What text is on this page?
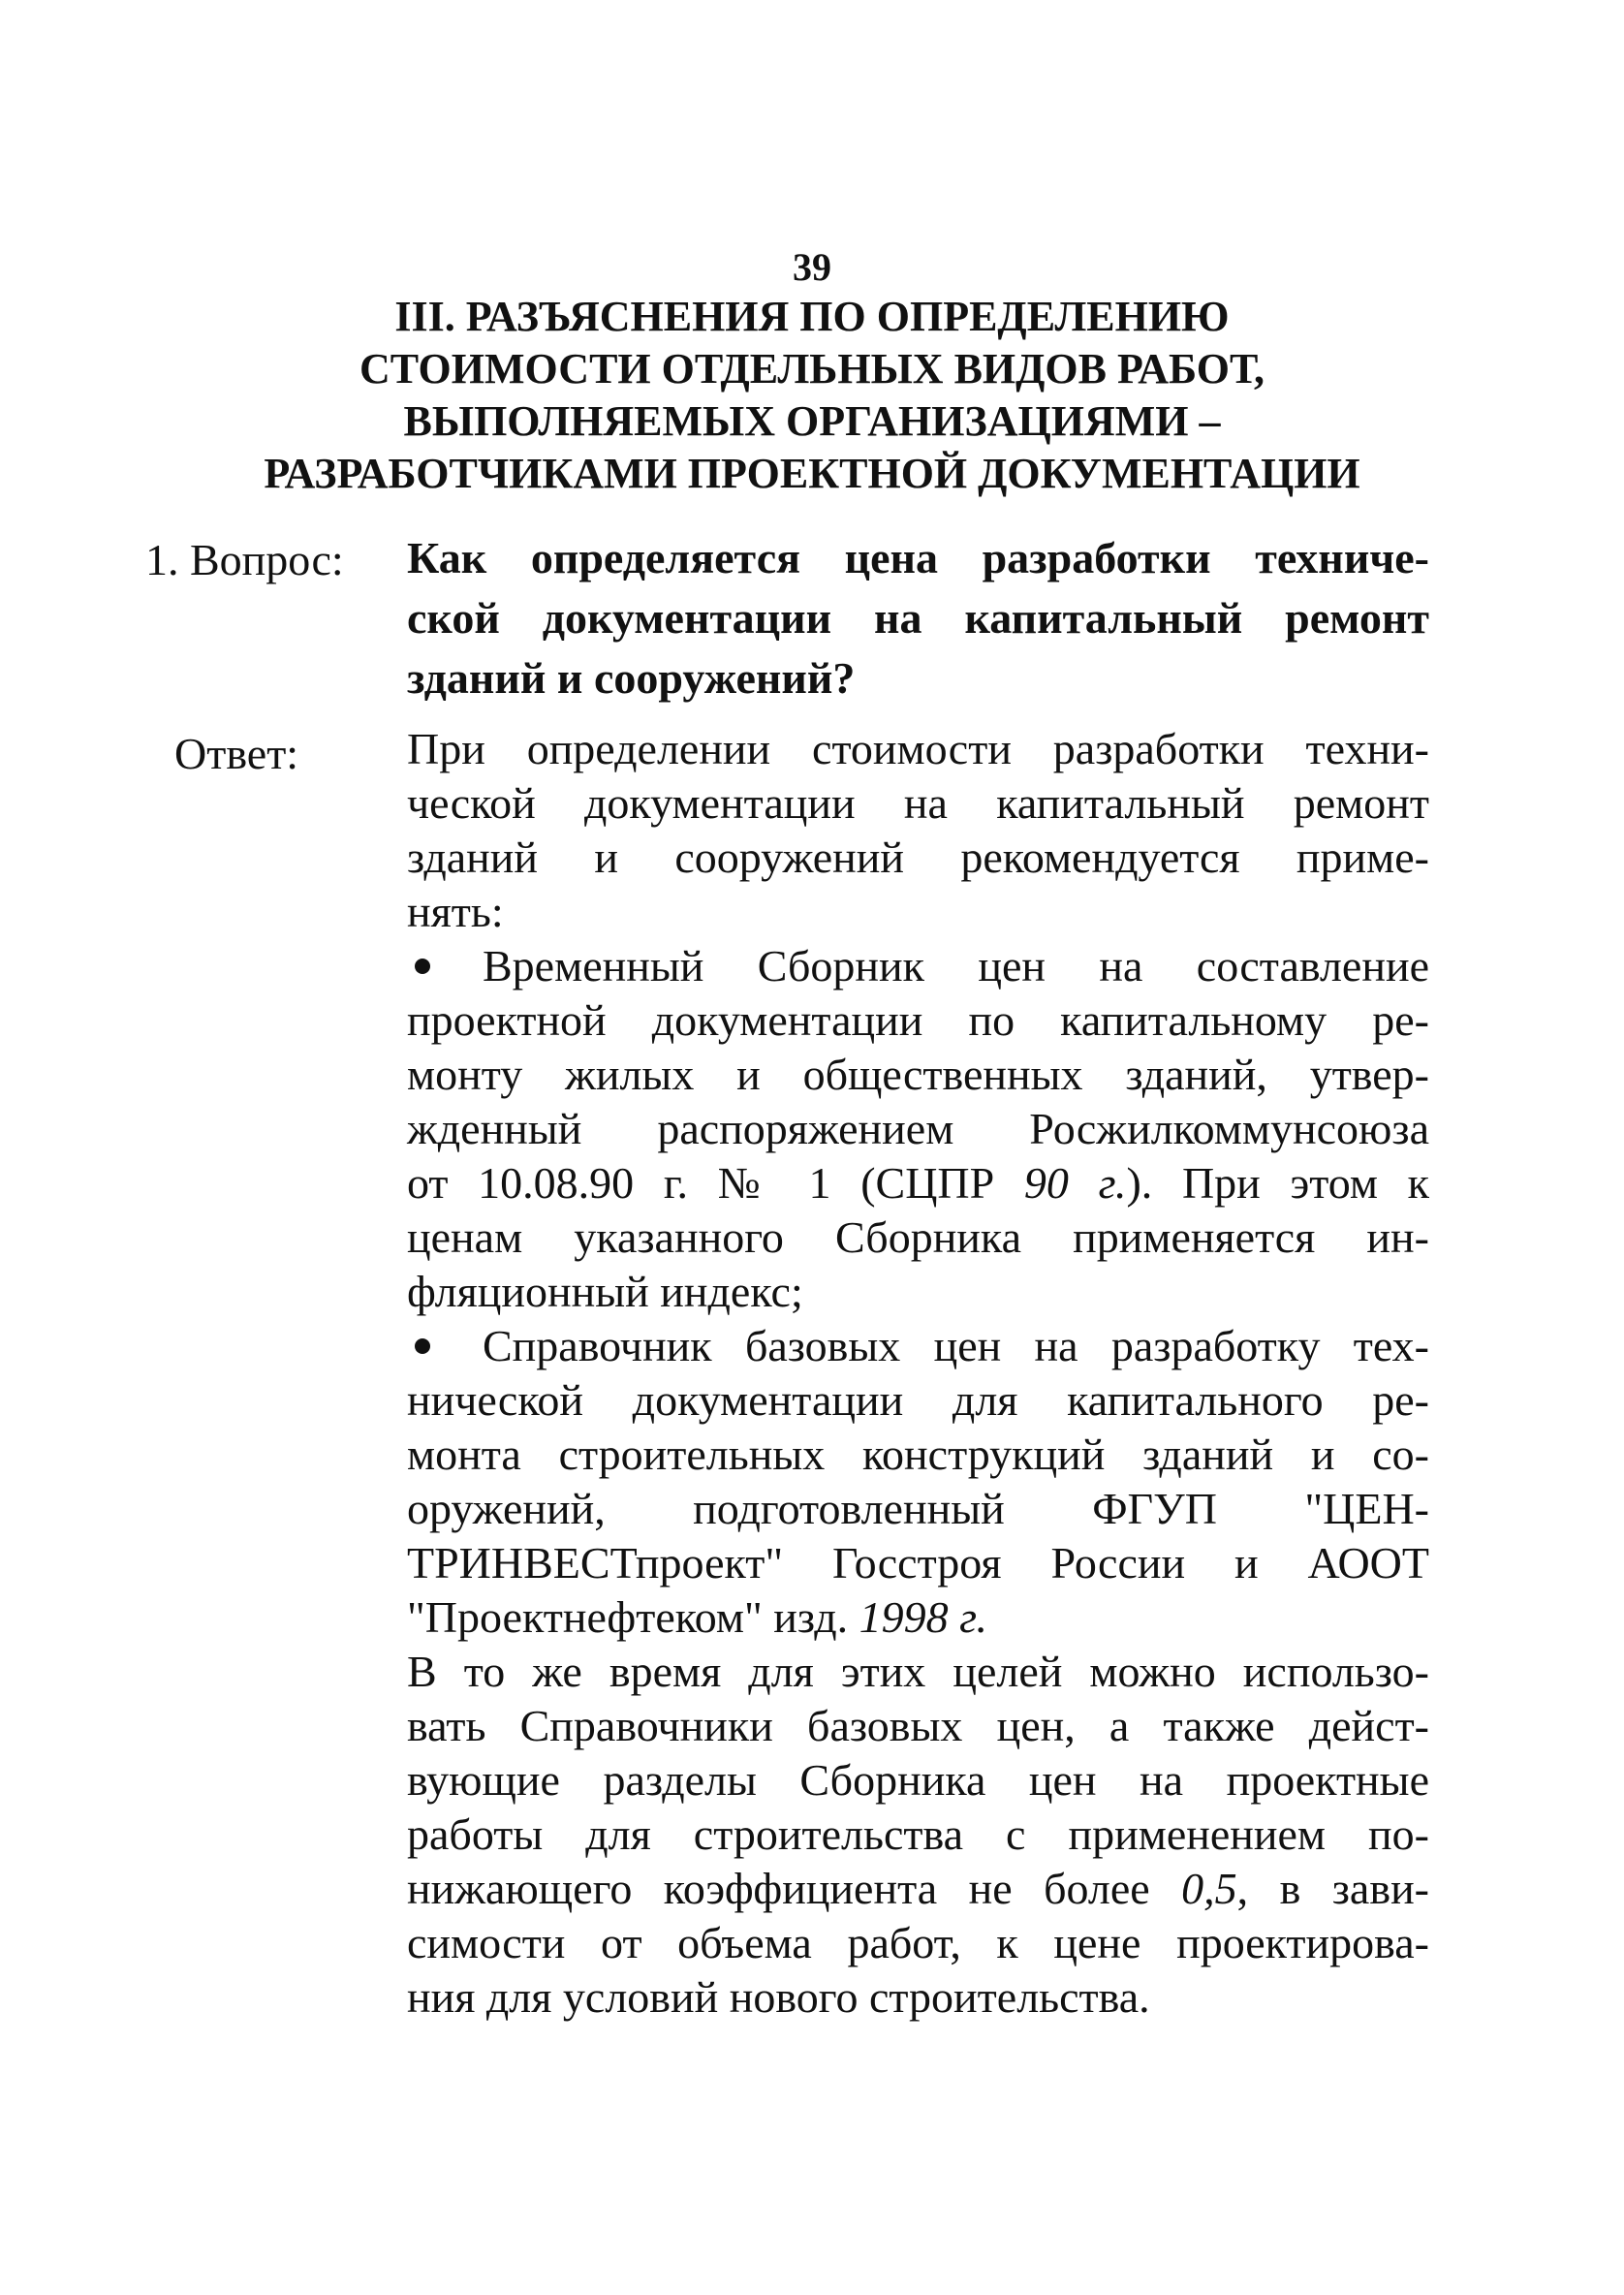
39
III. РАЗЪЯСНЕНИЯ ПО ОПРЕДЕЛЕНИЮ
СТОИМОСТИ ОТДЕЛЬНЫХ ВИДОВ РАБОТ,
ВЫПОЛНЯЕМЫХ ОРГАНИЗАЦИЯМИ –
РАЗРАБОТЧИКАМИ ПРОЕКТНОЙ ДОКУМЕНТАЦИИ
1. Вопрос: Как определяется цена разработки техниче-
ской документации на капитальный ремонт
зданий и сооружений?
Ответ: При определении стоимости разработки техни-
ческой документации на капитальный ремонт
зданий и сооружений рекомендуется приме-
нять:
Временный Сборник цен на составление
проектной документации по капитальному ре-
монту жилых и общественных зданий, утвер-
жденный распоряжением Росжилкоммунсоюза
от 10.08.90 г. № 1 (СЦПР 90 г.). При этом к
ценам указанного Сборника применяется ин-
фляционный индекс;
Справочник базовых цен на разработку тех-
нической документации для капитального ре-
монта строительных конструкций зданий и со-
оружений, подготовленный ФГУП "ЦЕН-
ТРИНВЕСТпроект" Госстроя России и АООТ
"Проектнефтеком" изд. 1998 г.
В то же время для этих целей можно использо-
вать Справочники базовых цен, а также дейст-
вующие разделы Сборника цен на проектные
работы для строительства с применением по-
нижающего коэффициента не более 0,5, в зави-
симости от объема работ, к цене проектирова-
ния для условий нового строительства.
